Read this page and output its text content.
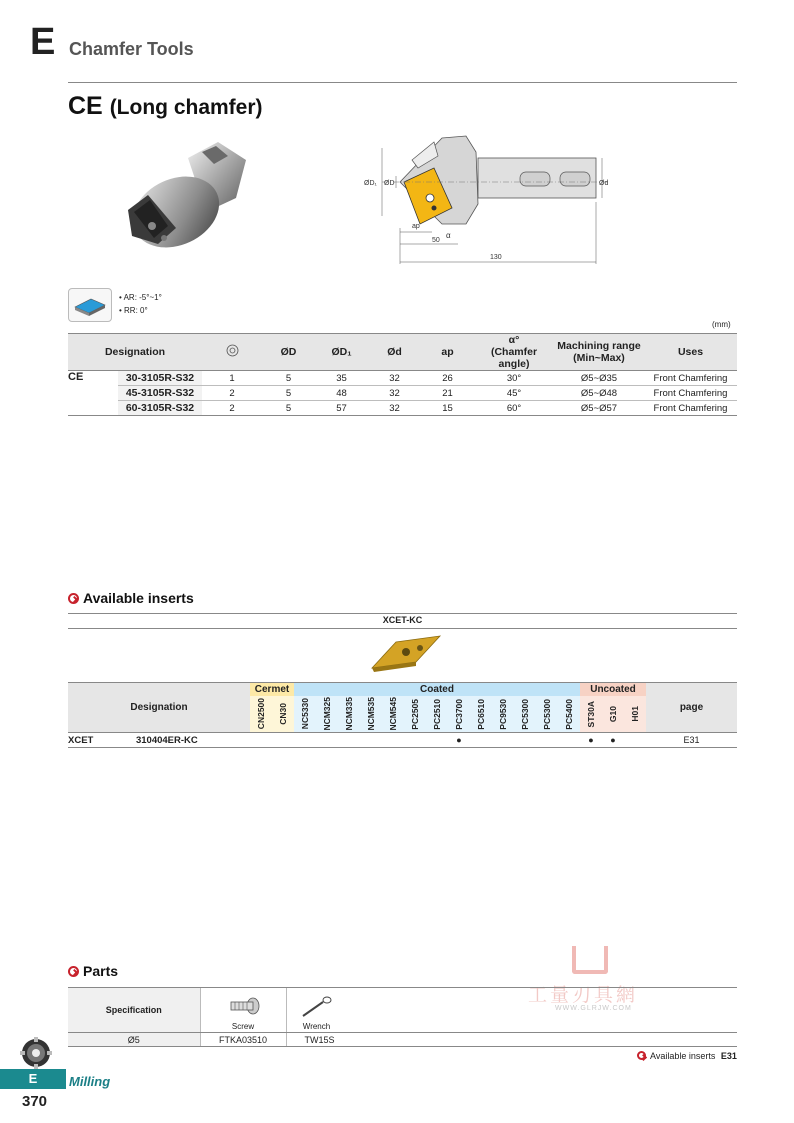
E Chamfer Tools
CE (Long chamfer)
ØD₁ ØD	Ød
ap
50
130
α
• AR: -5°~1°
• RR: 0°
(mm)
Designation			ØD	ØD₁	Ød	ap	α°
(Chamfer angle)	Machining range
(Min~Max)	Uses
CE	30-3105R-S32	1	5	35	32	26	30°	Ø5~Ø35	Front Chamfering
	45-3105R-S32	2	5	48	32	21	45°	Ø5~Ø48	Front Chamfering
	60-3105R-S32	2	5	57	32	15	60°	Ø5~Ø57	Front Chamfering
Available inserts
XCET-KC
Designation	Cermet		Coated													Uncoated			page

	CN2500	CN30	NC5330	NCM325	NCM335	NCM535	NCM545	PC2505	PC2510	PC3700	PC6510	PC9530	PC5300	PC5300	PC5400	ST30A	G10	H01	

XCET 310404ER-KC										●						●	●		E31
Parts
工量刃具網
WWW.GLRJW.COM
Specification	Screw	Wrench

Ø5	FTKA03510	TW15S
Available inserts E31
E	Milling
370
